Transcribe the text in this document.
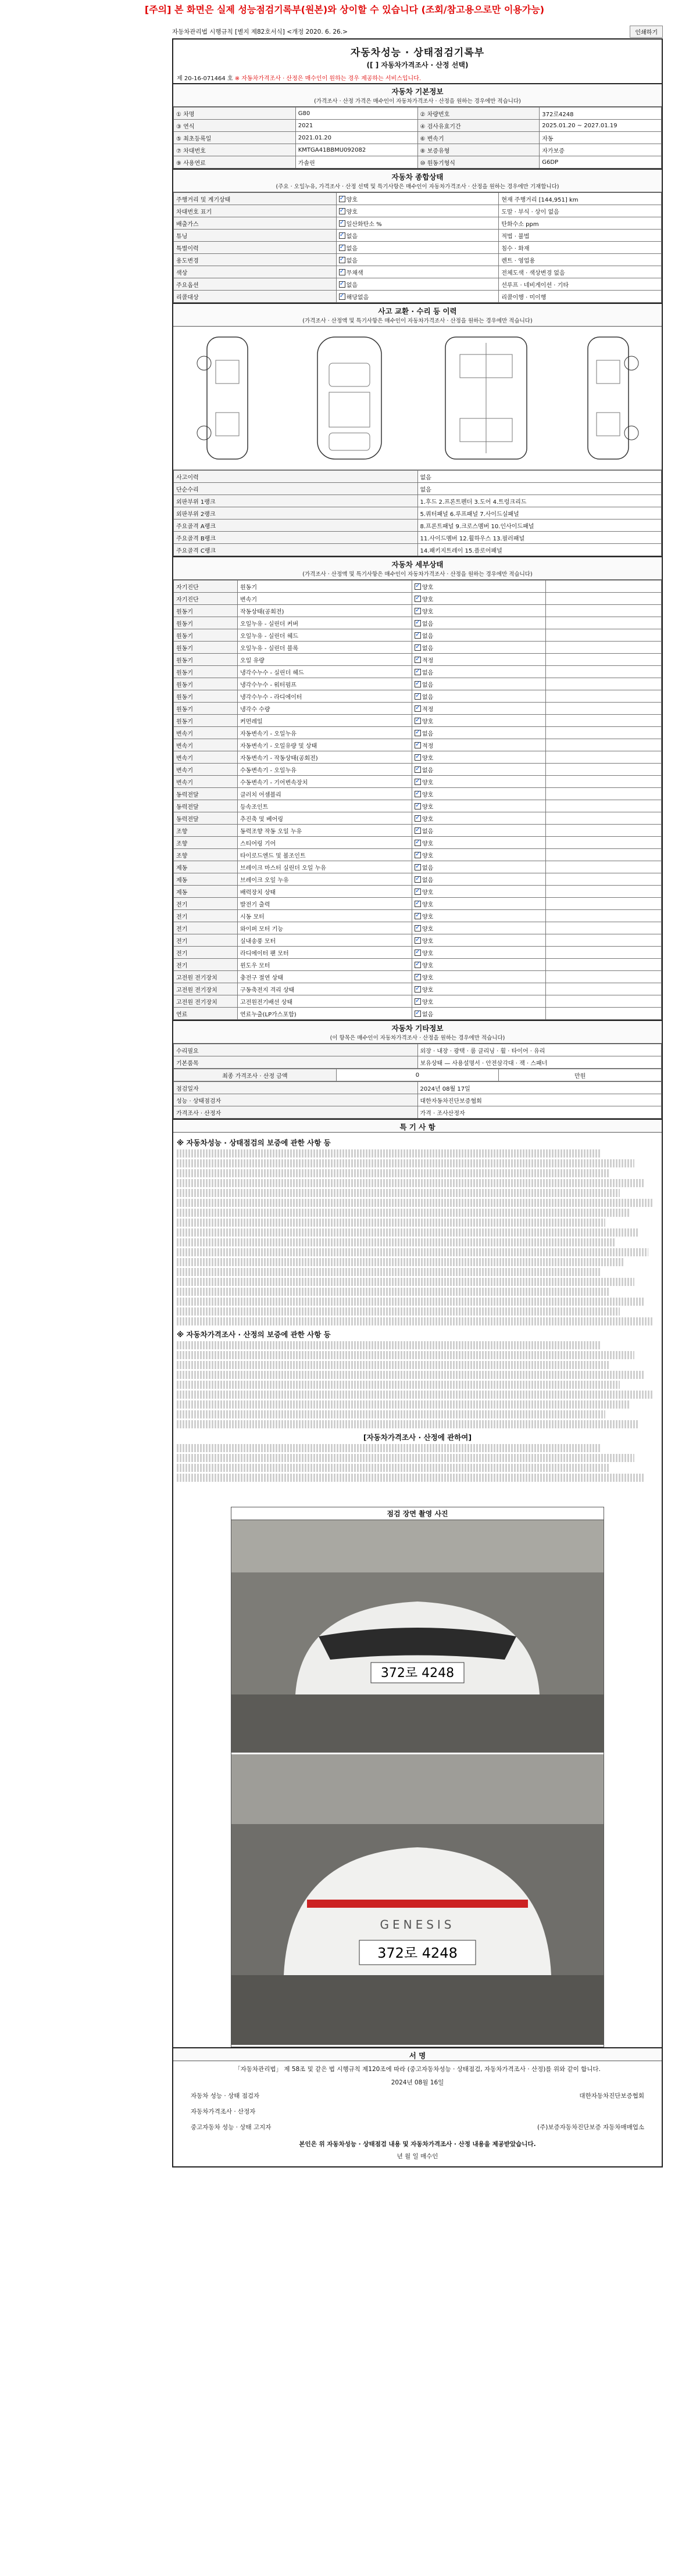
[주의] 본 화면은 실제 성능점검기록부(원본)와 상이할 수 있습니다 (조회/참고용으로만 이용가능)
자동차관리법 시행규칙 [별지 제82호서식] <개정 2020. 6. 26.>	인쇄하기
자동차성능 · 상태점검기록부
([ ] 자동차가격조사 · 산정 선택)
제 20-16-071464 호 ※ 자동차가격조사 · 산정은 매수인이 원하는 경우 제공하는 서비스입니다.
자동차 기본정보
(가격조사 · 산정 가격은 매수인이 자동차가격조사 · 산정을 원하는 경우에만 적습니다)
① 차명	G80	② 차량번호	372로4248
③ 연식	2021	④ 검사유효기간	2025.01.20 ~ 2027.01.19
⑤ 최초등록일	2021.01.20	⑥ 변속기	자동
⑦ 차대번호	KMTGA41BBMU092082	⑧ 보증유형	자가보증
⑨ 사용연료	가솔린	⑩ 원동기형식	G6DP
자동차 종합상태
(주요 · 오일누유, 가격조사 · 산정 선택 및 특기사항은 매수인이 자동차가격조사 · 산정을 원하는 경우에만 기재합니다)
주행거리 및 계기상태	✓양호	현재 주행거리 [144,951] km
차대번호 표기	✓양호	도말 · 부식 · 상이 없음
배출가스	✓일산화탄소 %	탄화수소 ppm
튜닝	✓없음	적법 · 불법
특별이력	✓없음	침수 · 화재
용도변경	✓없음	렌트 · 영업용
색상	✓무채색	전체도색 · 색상변경 없음
주요옵션	✓없음	선루프 · 네비게이션 · 기타
리콜대상	✓해당없음	리콜이행 · 미이행
사고 교환 · 수리 등 이력
(가격조사 · 산정액 및 특기사항은 매수인이 자동차가격조사 · 산정을 원하는 경우에만 적습니다)
사고이력	없음
단순수리	없음
외판부위 1랭크	1.후드 2.프론트펜더 3.도어 4.트렁크리드
외판부위 2랭크	5.쿼터패널 6.루프패널 7.사이드실패널
주요골격 A랭크	8.프론트패널 9.크로스멤버 10.인사이드패널
주요골격 B랭크	11.사이드멤버 12.휠하우스 13.필러패널
주요골격 C랭크	14.패키지트레이 15.플로어패널
자동차 세부상태
(가격조사 · 산정액 및 특기사항은 매수인이 자동차가격조사 · 산정을 원하는 경우에만 적습니다)
자기진단	원동기	✓양호	
자기진단	변속기	✓양호	
원동기	작동상태(공회전)	✓양호	
원동기	오일누유 - 실린더 커버	✓없음	
원동기	오일누유 - 실린더 헤드	✓없음	
원동기	오일누유 - 실린더 블록	✓없음	
원동기	오일 유량	✓적정	
원동기	냉각수누수 - 실린더 헤드	✓없음	
원동기	냉각수누수 - 워터펌프	✓없음	
원동기	냉각수누수 - 라디에이터	✓없음	
원동기	냉각수 수량	✓적정	
원동기	커먼레일	✓양호	
변속기	자동변속기 - 오일누유	✓없음	
변속기	자동변속기 - 오일유량 및 상태	✓적정	
변속기	자동변속기 - 작동상태(공회전)	✓양호	
변속기	수동변속기 - 오일누유	✓없음	
변속기	수동변속기 - 기어변속장치	✓양호	
동력전달	클러치 어셈블리	✓양호	
동력전달	등속조인트	✓양호	
동력전달	추진축 및 베어링	✓양호	
조향	동력조향 작동 오일 누유	✓없음	
조향	스티어링 기어	✓양호	
조향	타이로드엔드 및 볼조인트	✓양호	
제동	브레이크 마스터 실린더 오일 누유	✓없음	
제동	브레이크 오일 누유	✓없음	
제동	배력장치 상태	✓양호	
전기	발전기 출력	✓양호	
전기	시동 모터	✓양호	
전기	와이퍼 모터 기능	✓양호	
전기	실내송풍 모터	✓양호	
전기	라디에이터 팬 모터	✓양호	
전기	윈도우 모터	✓양호	
고전원 전기장치	충전구 절연 상태	✓양호	
고전원 전기장치	구동축전지 격리 상태	✓양호	
고전원 전기장치	고전원전기배선 상태	✓양호	
연료	연료누출(LP가스포함)	✓없음	
자동차 기타정보
(이 항목은 매수인이 자동차가격조사 · 산정을 원하는 경우에만 적습니다)
수리필요	외장 · 내장 · 광택 · 룸 클리닝 · 휠 · 타이어 · 유리
기본품목	보유상태 — 사용설명서 · 안전삼각대 · 잭 · 스패너
최종 가격조사 · 산정 금액	0	만원
점검일자	2024년 08월 17일
성능 · 상태점검자	대한자동차진단보증협회
가격조사 · 산정자	가격 · 조사산정자
특 기 사 항
※ 자동차성능 · 상태점검의 보증에 관한 사항 등
※ 자동차가격조사 · 산정의 보증에 관한 사항 등
[자동차가격조사 · 산정에 관하여]
점검 장면 촬영 사진
372로 4248

GENESIS
372로 4248
서 명
「자동차관리법」 제 58조 및 같은 법 시행규칙 제120조에 따라 (중고자동차성능 · 상태점검, 자동차가격조사 · 산정)를 위와 같이 합니다.
2024년 08월 16일
자동차 성능 · 상태 점검자	대한자동차진단보증협회
자동차가격조사 · 산정자
중고자동차 성능 · 상태 고지자	(주)보증자동차진단보증 자동차매매업소
본인은 위 자동차성능 · 상태점검 내용 및 자동차가격조사 · 산정 내용을 제공받았습니다.
년 월 일 매수인
